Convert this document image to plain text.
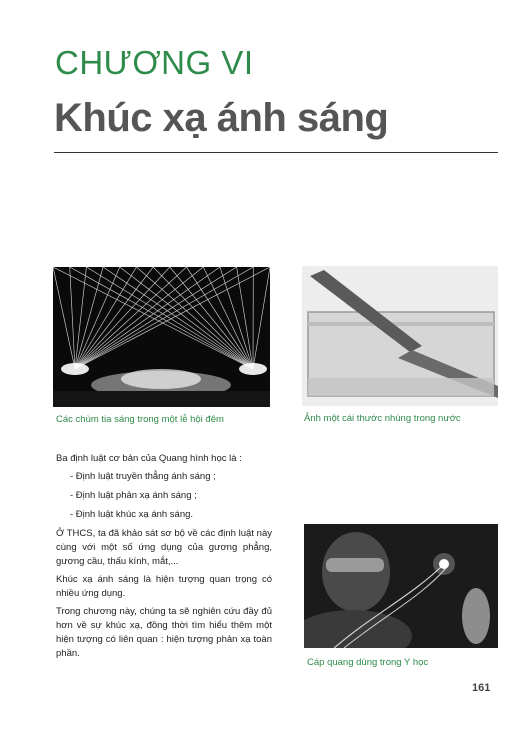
CHƯƠNG VI
Khúc xạ ánh sáng
Các chùm tia sáng trong một lễ hội đêm	Ảnh một cái thước nhúng trong nước

Ba định luật cơ bản của Quang hình học là :

- Định luật truyền thẳng ánh sáng ;
- Định luật phản xạ ánh sáng ;
- Định luật khúc xạ ánh sáng.

Ở THCS, ta đã khảo sát sơ bộ về các định luật này cùng với một số ứng dụng của gương phẳng, gương cầu, thấu kính, mắt,...

Khúc xạ ánh sáng là hiện tượng quan trọng có nhiều ứng dụng.

Trong chương này, chúng ta sẽ nghiên cứu đầy đủ hơn về sự khúc xạ, đồng thời tìm hiểu thêm một hiện tượng có liên quan : hiện tượng phản xạ toàn phần.

Cáp quang dùng trong Y học
161
